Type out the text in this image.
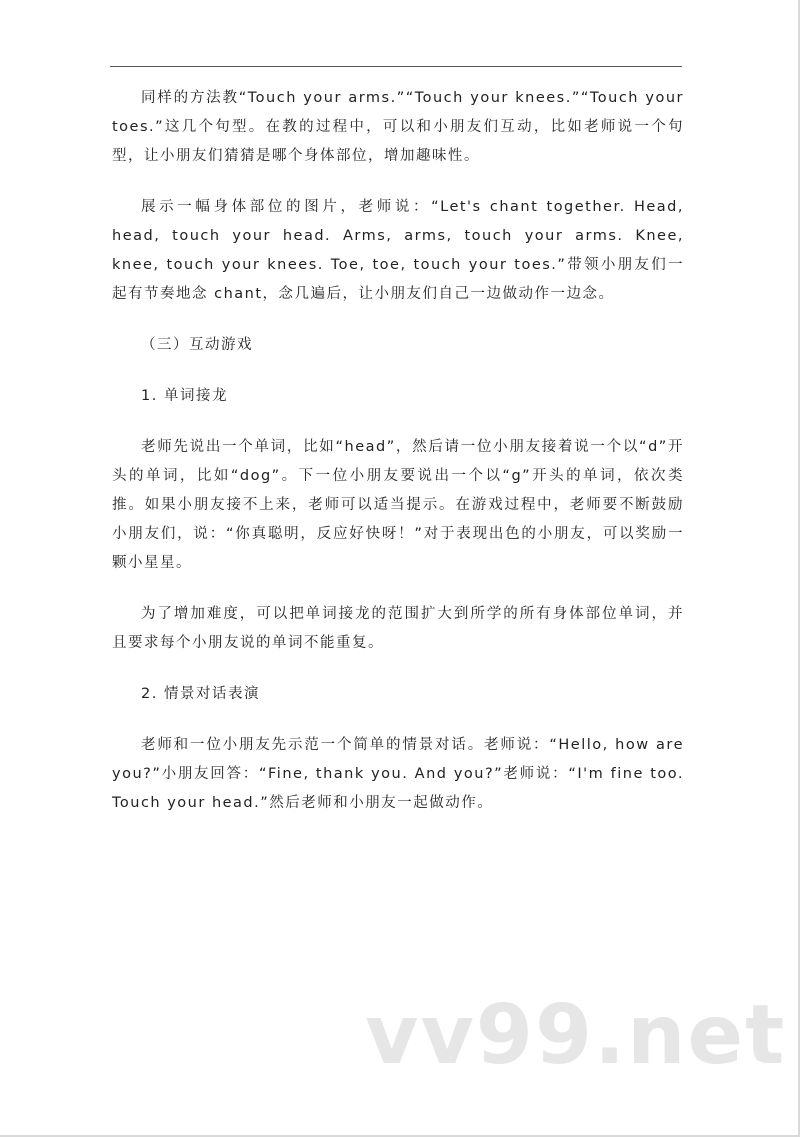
同样的方法教“Touch your arms.”“Touch your knees.”“Touch your toes.”这几个句型。在教的过程中，可以和小朋友们互动，比如老师说一个句型，让小朋友们猜猜是哪个身体部位，增加趣味性。

展示一幅身体部位的图片，老师说：“Let's chant together. Head, head, touch your head. Arms, arms, touch your arms. Knee, knee, touch your knees. Toe, toe, touch your toes.”带领小朋友们一起有节奏地念 chant，念几遍后，让小朋友们自己一边做动作一边念。

（三）互动游戏

1. 单词接龙

老师先说出一个单词，比如“head”，然后请一位小朋友接着说一个以“d”开头的单词，比如“dog”。下一位小朋友要说出一个以“g”开头的单词，依次类推。如果小朋友接不上来，老师可以适当提示。在游戏过程中，老师要不断鼓励小朋友们，说：“你真聪明，反应好快呀！”对于表现出色的小朋友，可以奖励一颗小星星。

为了增加难度，可以把单词接龙的范围扩大到所学的所有身体部位单词，并且要求每个小朋友说的单词不能重复。

2. 情景对话表演

老师和一位小朋友先示范一个简单的情景对话。老师说：“Hello, how are you?”小朋友回答：“Fine, thank you. And you?”老师说：“I'm fine too. Touch your head.”然后老师和小朋友一起做动作。

vv99.net
